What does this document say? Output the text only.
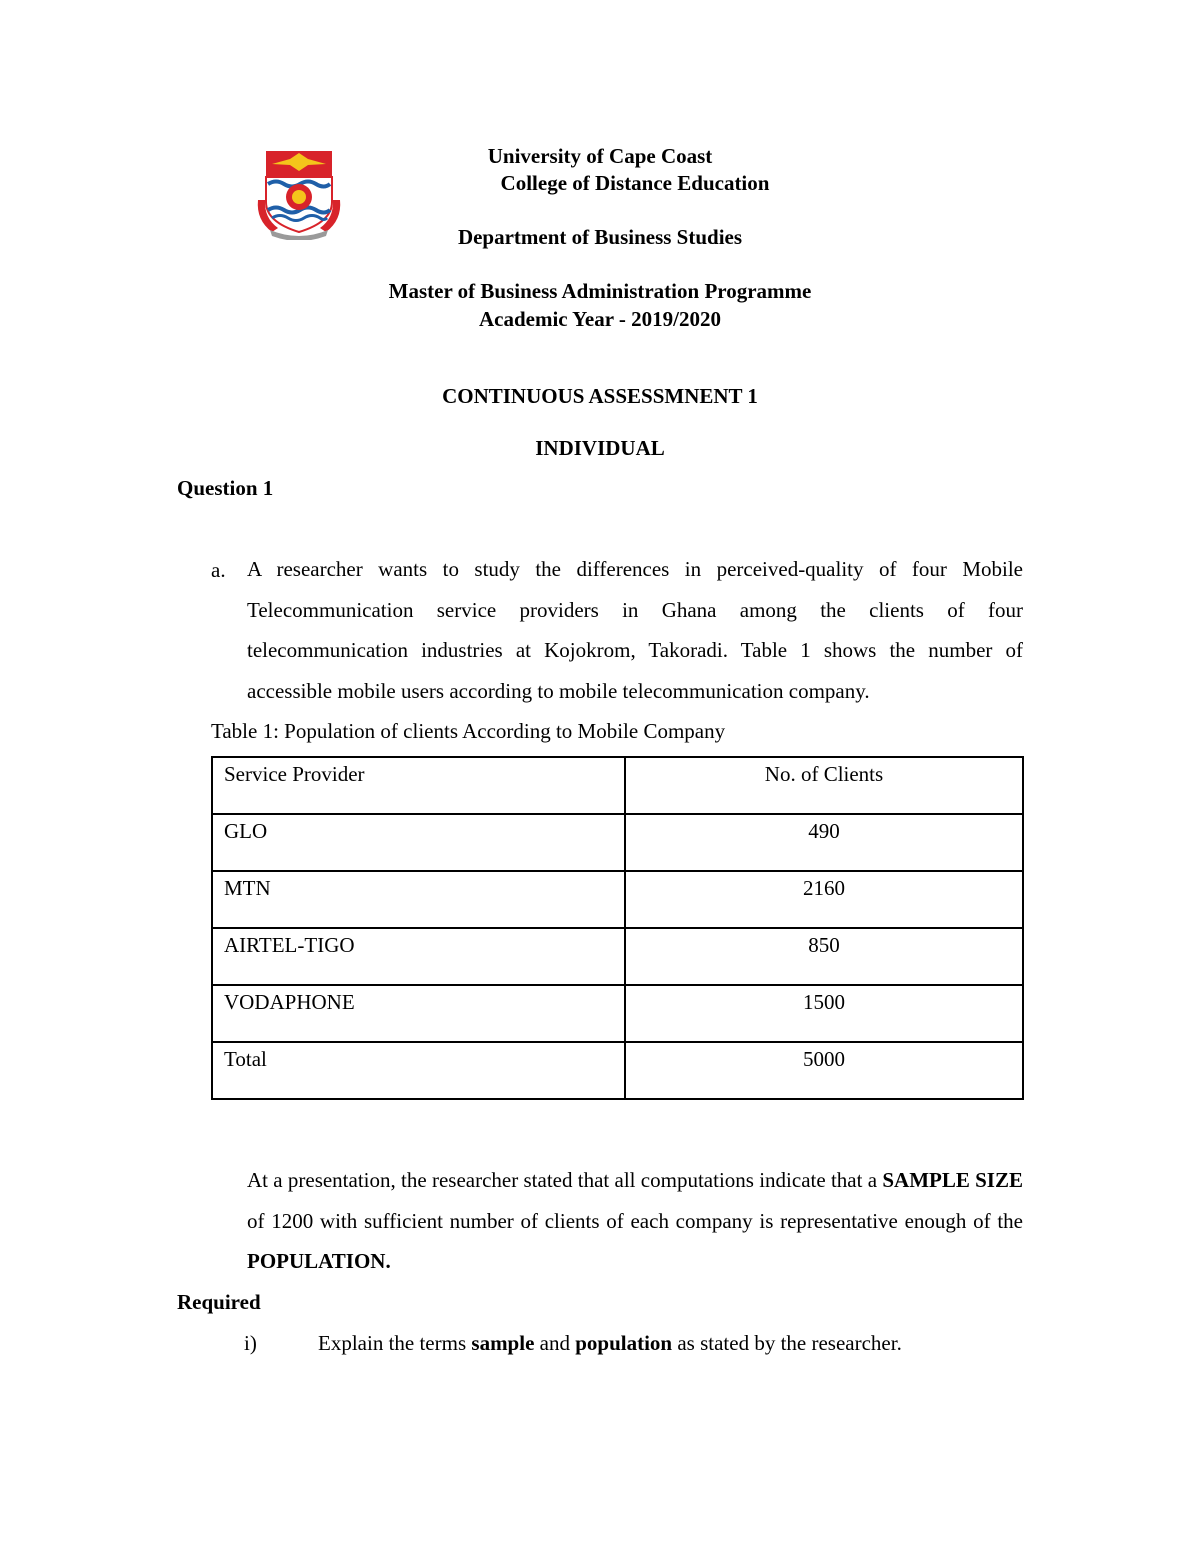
University of Cape Coast
College of Distance Education
Department of Business Studies
Master of Business Administration Programme
Academic Year - 2019/2020
CONTINUOUS ASSESSMNENT 1
INDIVIDUAL
Question 1
a. A researcher wants to study the differences in perceived-quality of four Mobile Telecommunication service providers in Ghana among the clients of four telecommunication industries at Kojokrom, Takoradi. Table 1 shows the number of accessible mobile users according to mobile telecommunication company.
Table 1: Population of clients According to Mobile Company
Service Provider	No. of Clients
GLO	490
MTN	2160
AIRTEL-TIGO	850
VODAPHONE	1500
Total	5000
At a presentation, the researcher stated that all computations indicate that a SAMPLE SIZE of 1200 with sufficient number of clients of each company is representative enough of the POPULATION.
Required
i)	Explain the terms sample and population as stated by the researcher.
